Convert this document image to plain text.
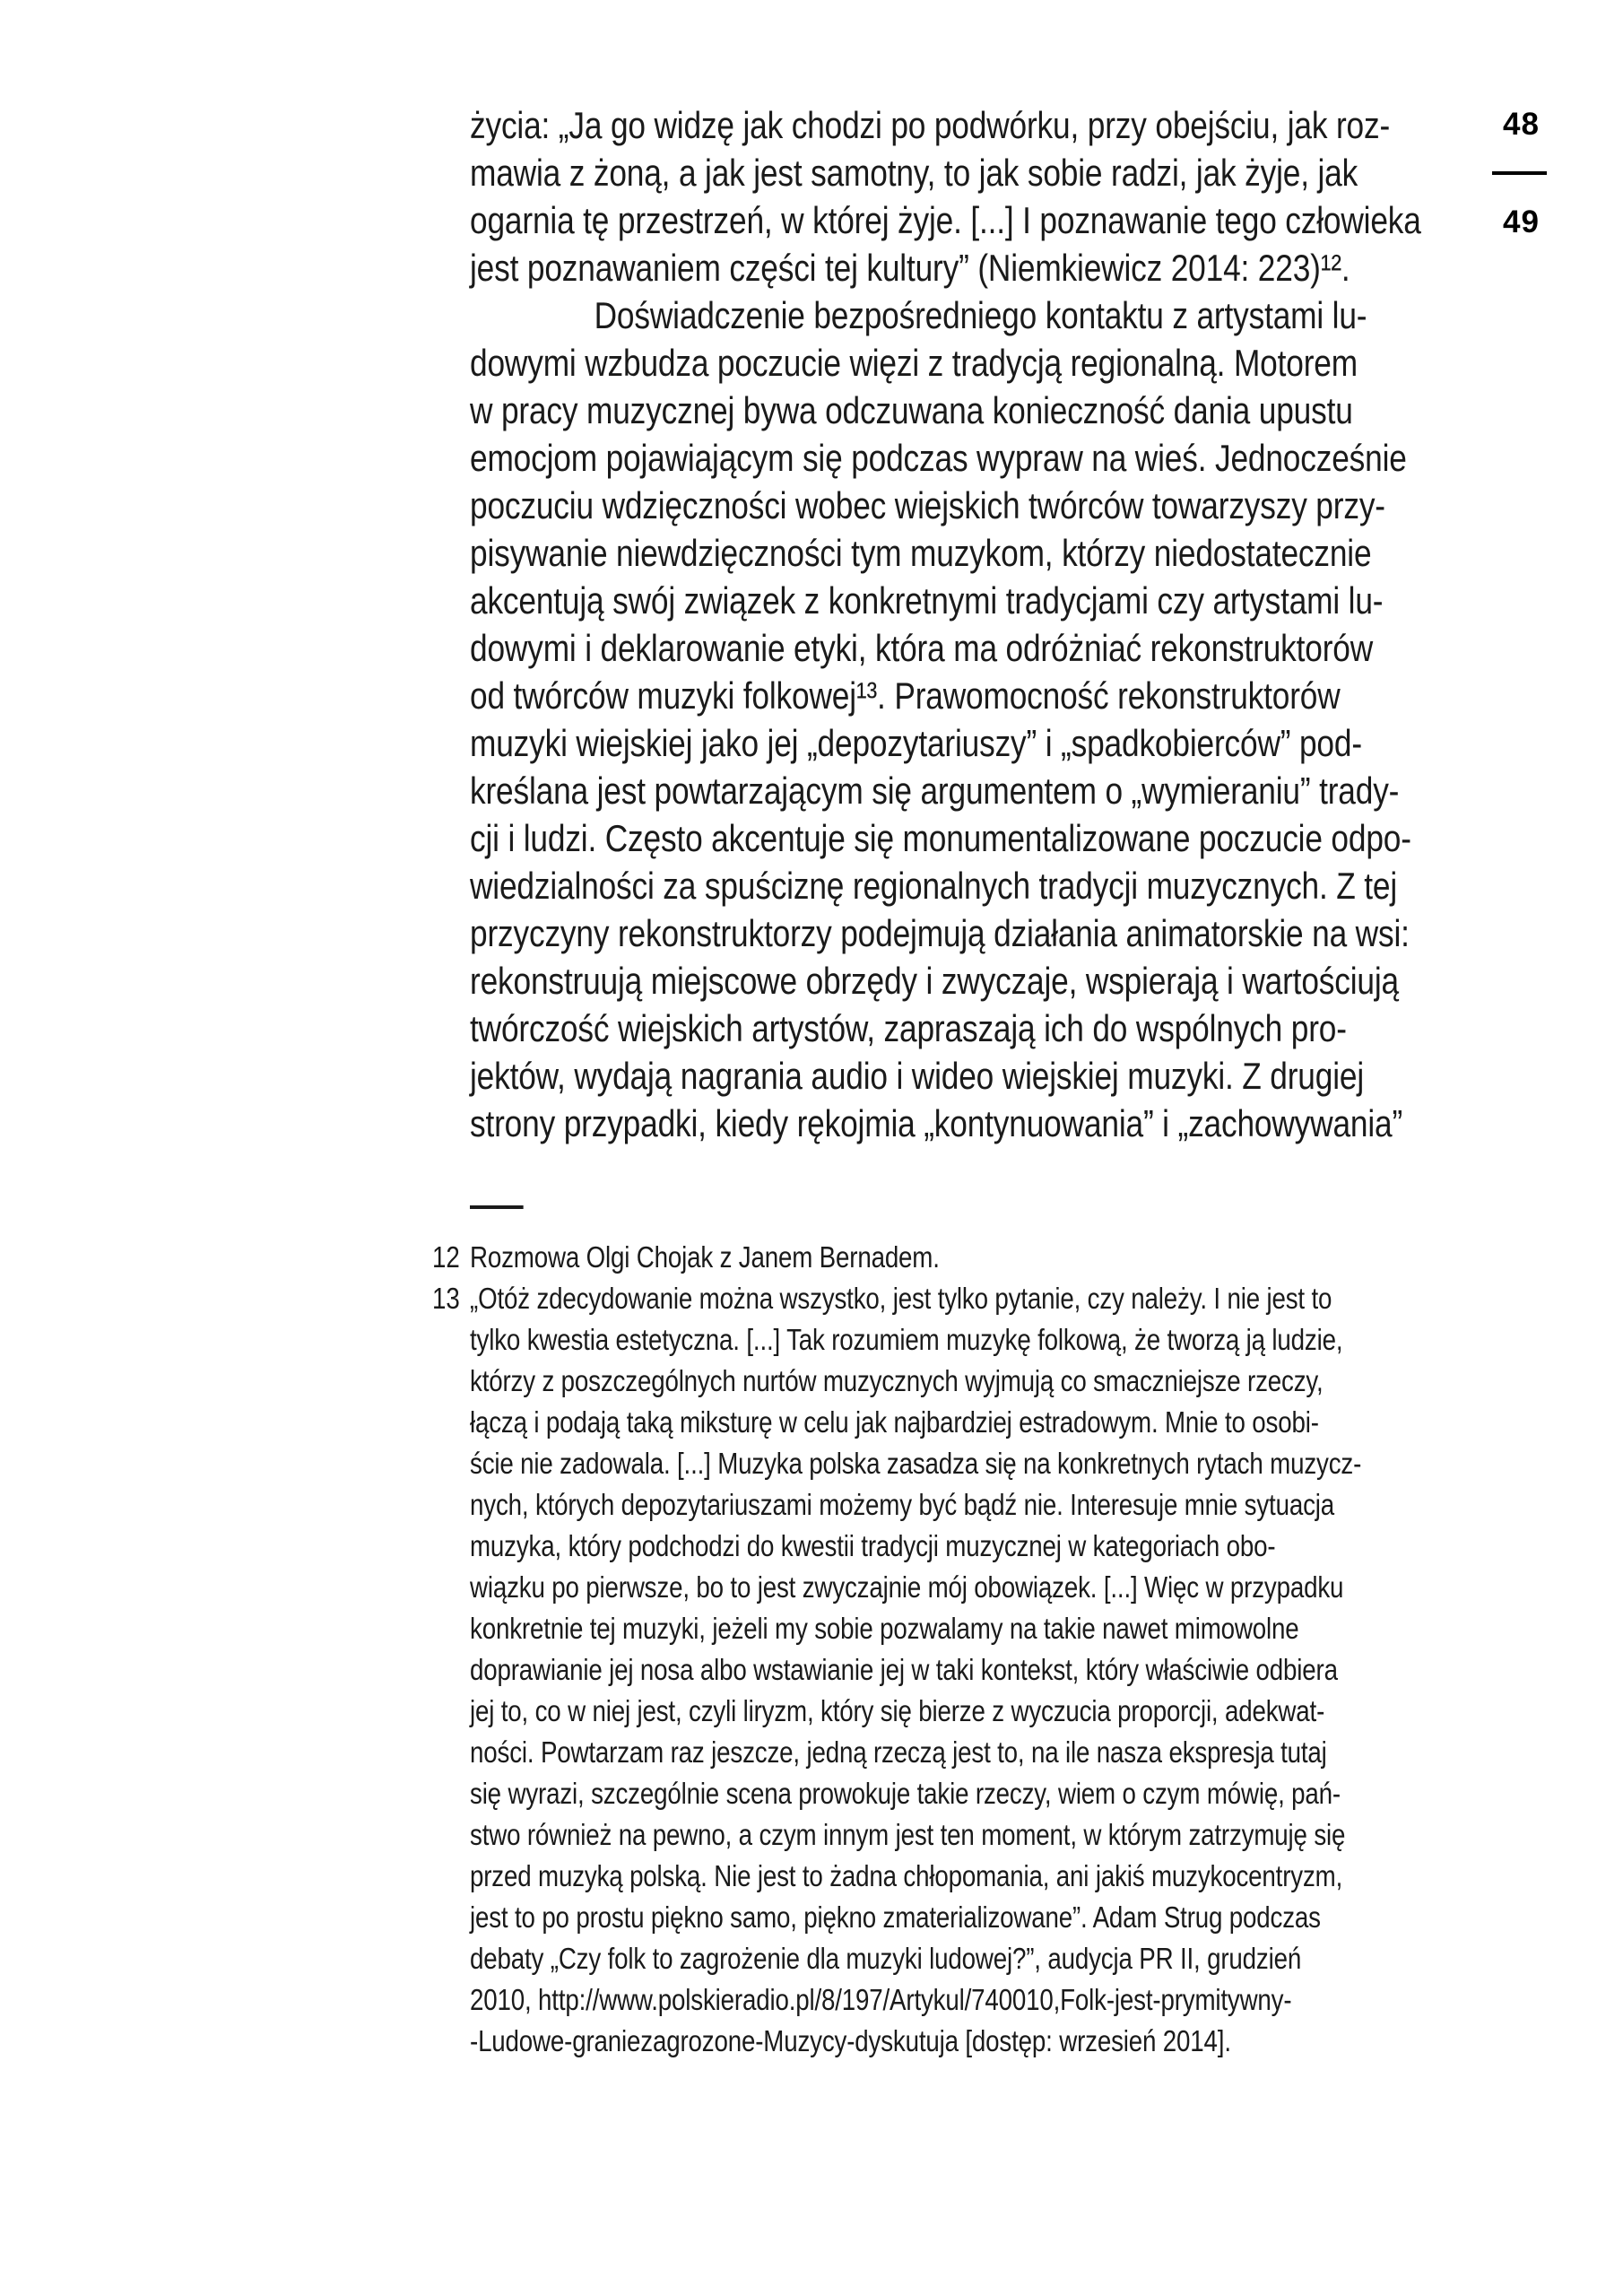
48
49
życia: „Ja go widzę jak chodzi po podwórku, przy obejściu, jak roz-
mawia z żoną, a jak jest samotny, to jak sobie radzi, jak żyje, jak
ogarnia tę przestrzeń, w której żyje. [...] I poznawanie tego człowieka
jest poznawaniem części tej kultury” (Niemkiewicz 2014: 223)¹².
Doświadczenie bezpośredniego kontaktu z artystami lu-
dowymi wzbudza poczucie więzi z tradycją regionalną. Motorem
w pracy muzycznej bywa odczuwana konieczność dania upustu
emocjom pojawiającym się podczas wypraw na wieś. Jednocześnie
poczuciu wdzięczności wobec wiejskich twórców towarzyszy przy-
pisywanie niewdzięczności tym muzykom, którzy niedostatecznie
akcentują swój związek z konkretnymi tradycjami czy artystami lu-
dowymi i deklarowanie etyki, która ma odróżniać rekonstruktorów
od twórców muzyki folkowej¹³. Prawomocność rekonstruktorów
muzyki wiejskiej jako jej „depozytariuszy” i „spadkobierców” pod-
kreślana jest powtarzającym się argumentem o „wymieraniu” trady-
cji i ludzi. Często akcentuje się monumentalizowane poczucie odpo-
wiedzialności za spuściznę regionalnych tradycji muzycznych. Z tej
przyczyny rekonstruktorzy podejmują działania animatorskie na wsi:
rekonstruują miejscowe obrzędy i zwyczaje, wspierają i wartościują
twórczość wiejskich artystów, zapraszają ich do wspólnych pro-
jektów, wydają nagrania audio i wideo wiejskiej muzyki. Z drugiej
strony przypadki, kiedy rękojmia „kontynuowania” i „zachowywania”
12 Rozmowa Olgi Chojak z Janem Bernadem.
13 „Otóż zdecydowanie można wszystko, jest tylko pytanie, czy należy. I nie jest to
tylko kwestia estetyczna. [...] Tak rozumiem muzykę folkową, że tworzą ją ludzie,
którzy z poszczególnych nurtów muzycznych wyjmują co smaczniejsze rzeczy,
łączą i podają taką miksturę w celu jak najbardziej estradowym. Mnie to osobi-
ście nie zadowala. [...] Muzyka polska zasadza się na konkretnych rytach muzycz-
nych, których depozytariuszami możemy być bądź nie. Interesuje mnie sytuacja
muzyka, który podchodzi do kwestii tradycji muzycznej w kategoriach obo-
wiązku po pierwsze, bo to jest zwyczajnie mój obowiązek. [...] Więc w przypadku
konkretnie tej muzyki, jeżeli my sobie pozwalamy na takie nawet mimowolne
doprawianie jej nosa albo wstawianie jej w taki kontekst, który właściwie odbiera
jej to, co w niej jest, czyli liryzm, który się bierze z wyczucia proporcji, adekwat-
ności. Powtarzam raz jeszcze, jedną rzeczą jest to, na ile nasza ekspresja tutaj
się wyrazi, szczególnie scena prowokuje takie rzeczy, wiem o czym mówię, pań-
stwo również na pewno, a czym innym jest ten moment, w którym zatrzymuję się
przed muzyką polską. Nie jest to żadna chłopomania, ani jakiś muzykocentryzm,
jest to po prostu piękno samo, piękno zmaterializowane”. Adam Strug podczas
debaty „Czy folk to zagrożenie dla muzyki ludowej?”, audycja PR II, grudzień
2010, http://www.polskieradio.pl/8/197/Artykul/740010,Folk-jest-prymitywny-
-Ludowe-graniezagrozone-Muzycy-dyskutuja [dostęp: wrzesień 2014].
